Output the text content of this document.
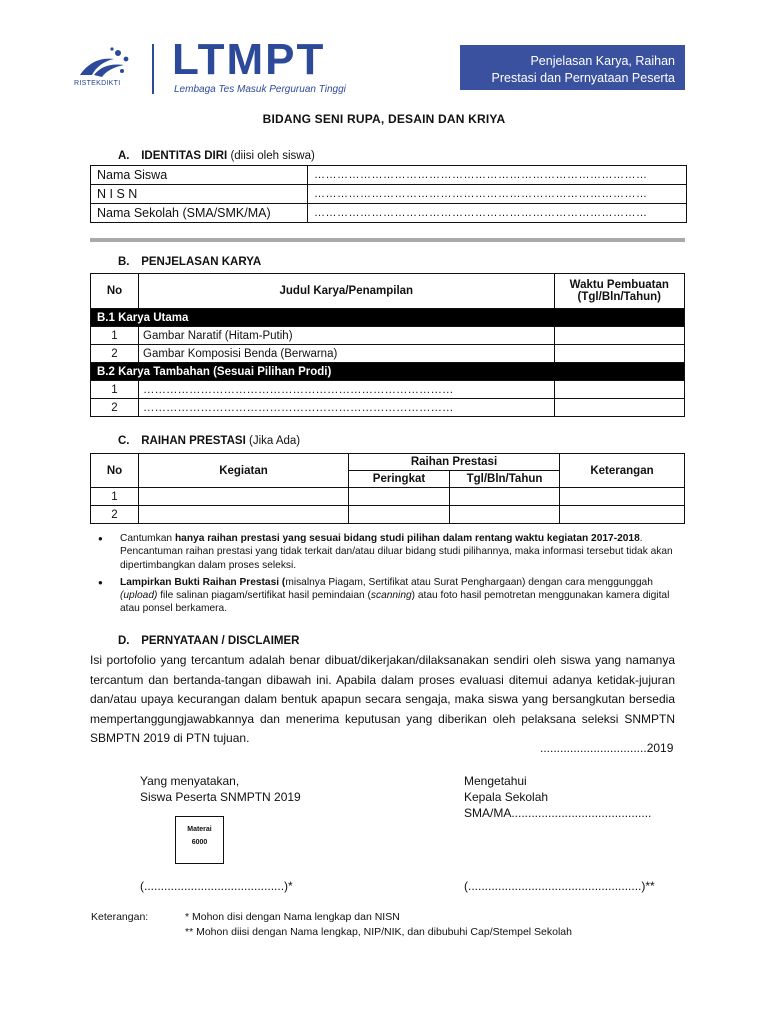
RISTEKDIKTI LTMPT
Lembaga Tes Masuk Perguruan Tinggi
Penjelasan Karya, Raihan
Prestasi dan Pernyataan Peserta
BIDANG SENI RUPA, DESAIN DAN KRIYA
A. IDENTITAS DIRI (diisi oleh siswa)
Nama Siswa	……………………………………………………………………………
N I S N	……………………………………………………………………………
Nama Sekolah (SMA/SMK/MA)	……………………………………………………………………………
B. PENJELASAN KARYA
No	Judul Karya/Penampilan	Waktu Pembuatan
(Tgl/Bln/Tahun)

B.1 Karya Utama		
1	Gambar Naratif (Hitam-Putih)	
2	Gambar Komposisi Benda (Berwarna)	
B.2 Karya Tambahan (Sesuai Pilihan Prodi)		
1	………………………………………………………………………	
2	………………………………………………………………………	
C. RAIHAN PRESTASI (Jika Ada)
No	Kegiatan	Raihan Prestasi		Keterangan
		Peringkat	Tgl/Bln/Tahun	
1				
2				
● Cantumkan hanya raihan prestasi yang sesuai bidang studi pilihan dalam rentang waktu kegiatan 2017-2018. Pencantuman raihan prestasi yang tidak terkait dan/atau diluar bidang studi pilihannya, maka informasi tersebut tidak akan dipertimbangkan dalam proses seleksi.
● Lampirkan Bukti Raihan Prestasi (misalnya Piagam, Sertifikat atau Surat Penghargaan) dengan cara menggunggah (upload) file salinan piagam/sertifikat hasil pemindaian (scanning) atau foto hasil pemotretan menggunakan kamera digital atau ponsel berkamera.
D. PERNYATAAN / DISCLAIMER
Isi portofolio yang tercantum adalah benar dibuat/dikerjakan/dilaksanakan sendiri oleh siswa yang namanya tercantum dan bertanda-tangan dibawah ini. Apabila dalam proses evaluasi ditemui adanya ketidak-jujuran dan/atau upaya kecurangan dalam bentuk apapun secara sengaja, maka siswa yang bersangkutan bersedia mempertanggungjawabkannya dan menerima keputusan yang diberikan oleh pelaksana seleksi SNMPTN SBMPTN 2019 di PTN tujuan.
................................2019
Yang menyatakan,
Siswa Peserta SNMPTN 2019
Materai
6000
(..........................................)*
Mengetahui
Kepala Sekolah
SMA/MA..........................................
(....................................................)**
Keterangan:	* Mohon disi dengan Nama lengkap dan NISN
** Mohon diisi dengan Nama lengkap, NIP/NIK, dan dibubuhi Cap/Stempel Sekolah
